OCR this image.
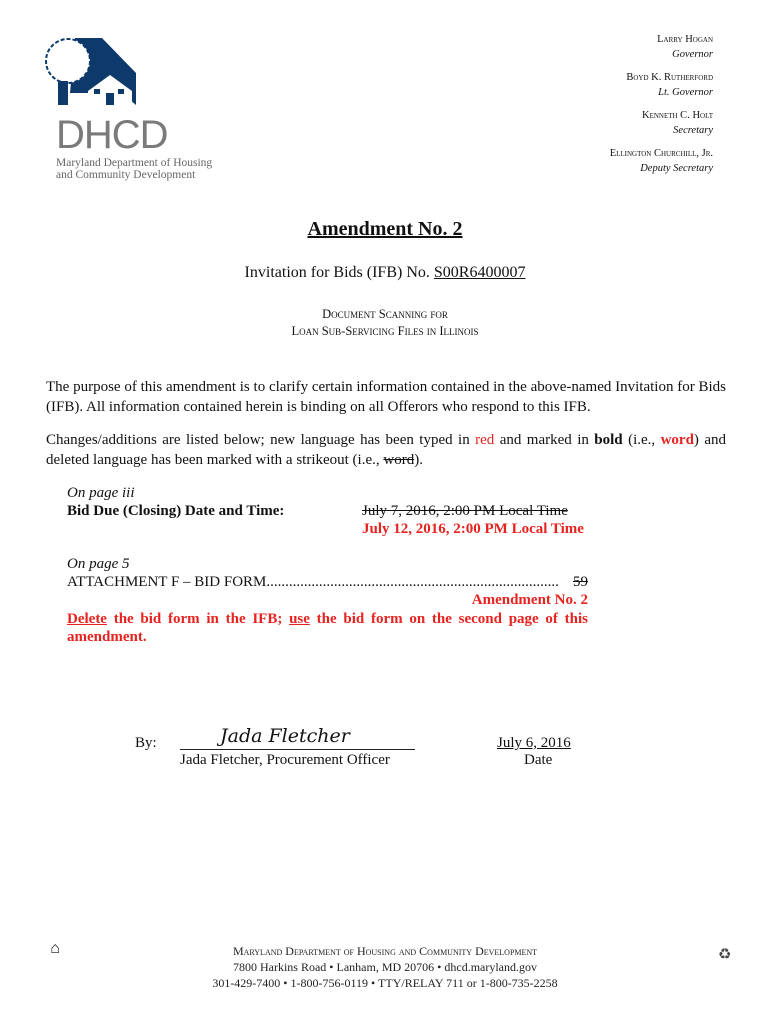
DHCD
Maryland Department of Housing
and Community Development
Larry Hogan
Governor
Boyd K. Rutherford
Lt. Governor
Kenneth C. Holt
Secretary
Ellington Churchill, Jr.
Deputy Secretary
Amendment No. 2
Invitation for Bids (IFB) No. S00R6400007
Document Scanning for
Loan Sub-Servicing Files in Illinois

The purpose of this amendment is to clarify certain information contained in the above-named Invitation for Bids (IFB). All information contained herein is binding on all Offerors who respond to this IFB.

Changes/additions are listed below; new language has been typed in red and marked in bold (i.e., word) and deleted language has been marked with a strikeout (i.e., word).

On page iii
Bid Due (Closing) Date and Time:	July 7, 2016, 2:00 PM Local Time
July 12, 2016, 2:00 PM Local Time
On page 5
ATTACHMENT F – BID FORM .............................................................................. 59
Amendment No. 2

Delete the bid form in the IFB; use the bid form on the second page of this amendment.

By:	Jada Fletcher
Jada Fletcher, Procurement Officer
July 6, 2016
Date
⌂	Maryland Department of Housing and Community Development
7800 Harkins Road • Lanham, MD 20706 • dhcd.maryland.gov
301-429-7400 • 1-800-756-0119 • TTY/RELAY 711 or 1-800-735-2258
♻
